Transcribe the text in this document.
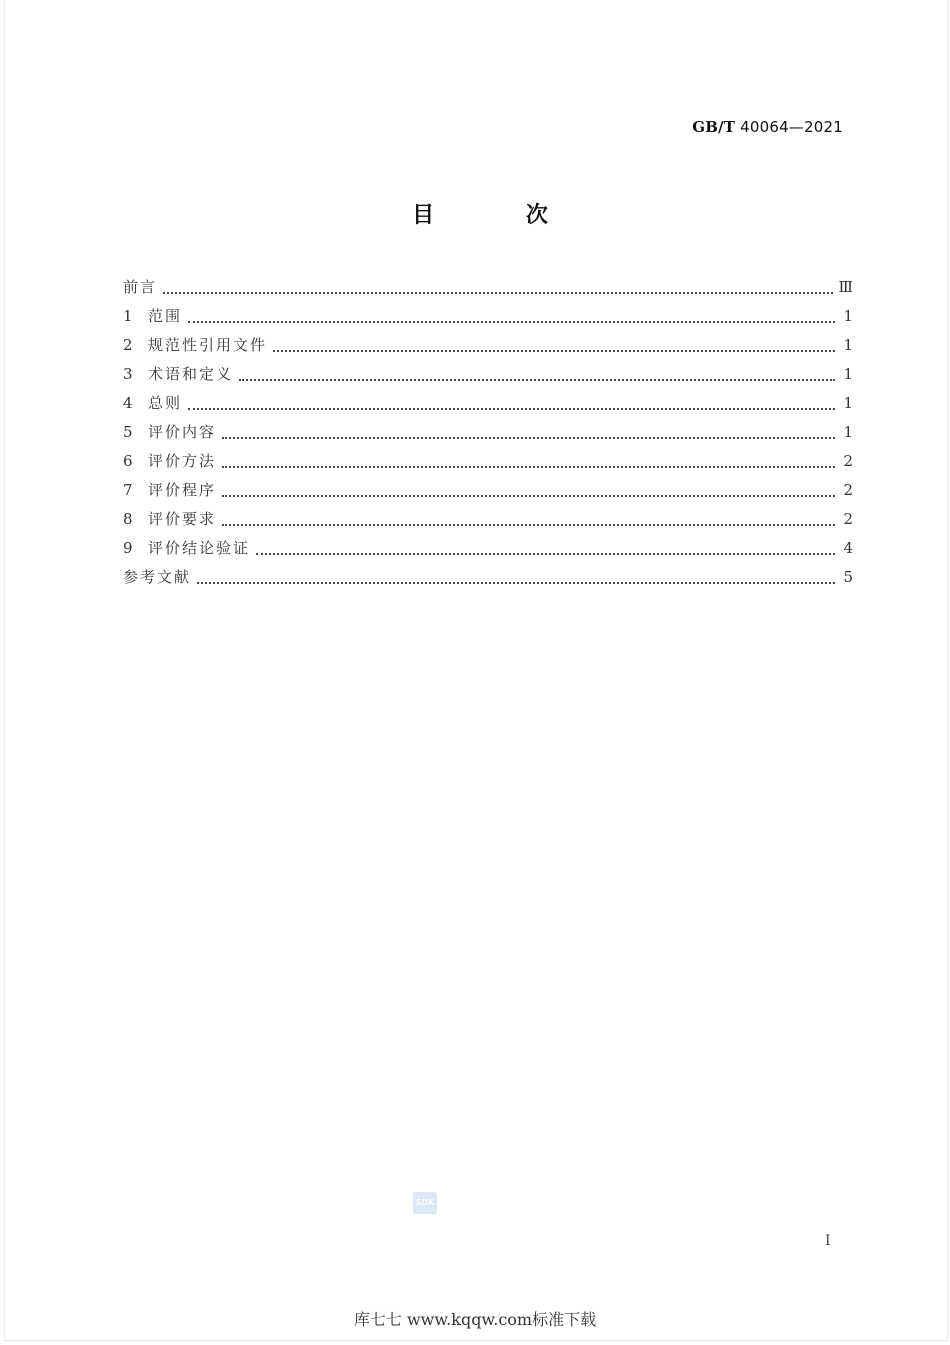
GB/T 40064—2021
目 次
前言	Ⅲ
1	范围	1
2	规范性引用文件	1
3	术语和定义	1
4	总则	1
5	评价内容	1
6	评价方法	2
7	评价程序	2
8	评价要求	2
9	评价结论验证	4
参考文献	5
SDK
I
库七七 www.kqqw.com标准下载
